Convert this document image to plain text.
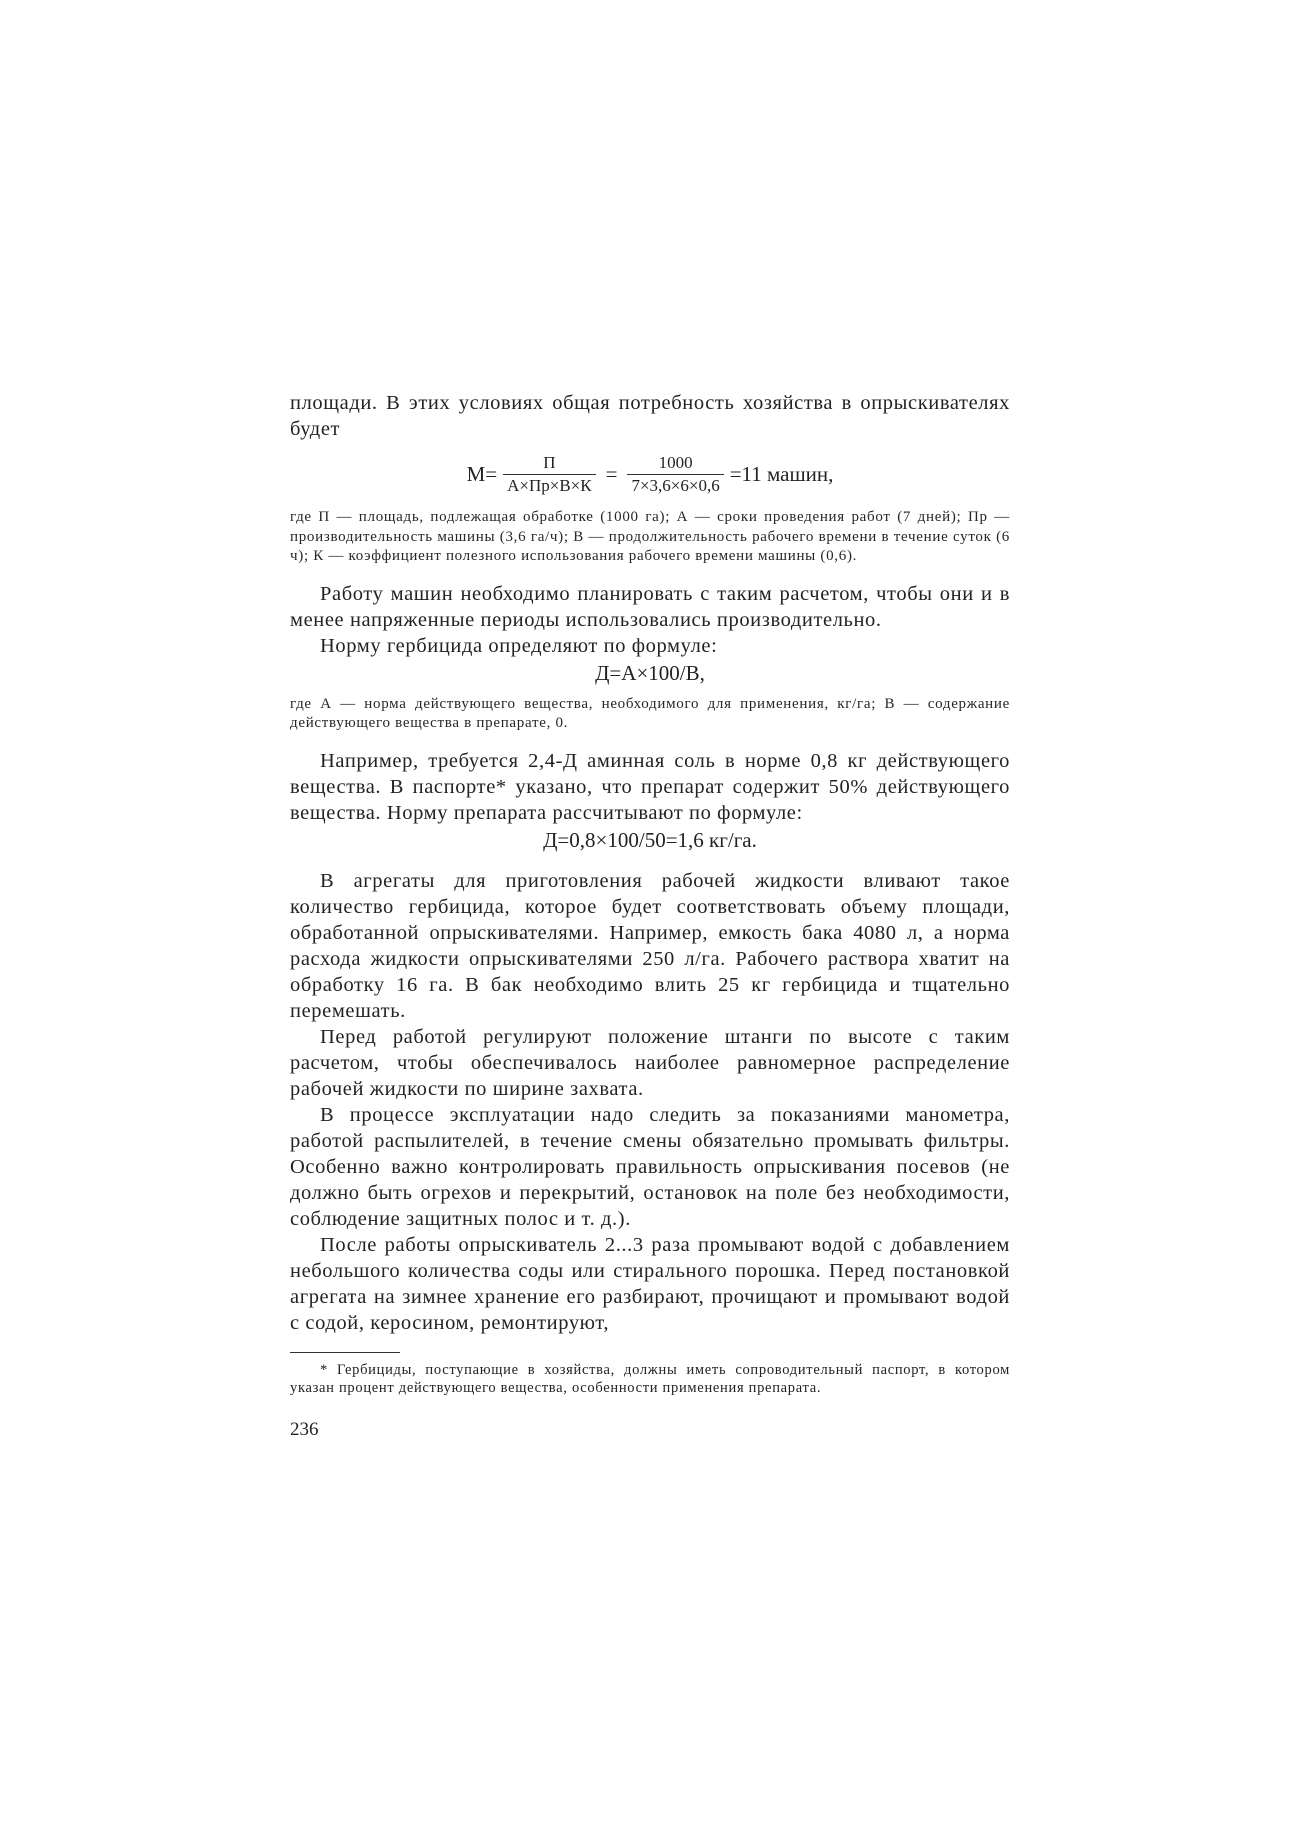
площади. В этих условиях общая потребность хозяйства в опрыскивателях будет

$М= \frac{П}{А\times Пр\times В\times К} = \frac{1000}{7\times 3,6\times 6\times 0,6} =11$ машин,

где П — площадь, подлежащая обработке (1000 га); А — сроки проведения работ (7 дней); Пр — производительность машины (3,6 га/ч); В — продолжительность рабочего времени в течение суток (6 ч); К — коэффициент полезного использования рабочего времени машины (0,6).

Работу машин необходимо планировать с таким расчетом, чтобы они и в менее напряженные периоды использовались производительно.

Норму гербицида определяют по формуле:

Д=А×100/В,

где А — норма действующего вещества, необходимого для применения, кг/га; В — содержание действующего вещества в препарате, 0.

Например, требуется 2,4-Д аминная соль в норме 0,8 кг действующего вещества. В паспорте* указано, что препарат содержит 50% действующего вещества. Норму препарата рассчитывают по формуле:

Д=0,8×100/50=1,6 кг/га.

В агрегаты для приготовления рабочей жидкости вливают такое количество гербицида, которое будет соответствовать объему площади, обработанной опрыскивателями. Например, емкость бака 4080 л, а норма расхода жидкости опрыскивателями 250 л/га. Рабочего раствора хватит на обработку 16 га. В бак необходимо влить 25 кг гербицида и тщательно перемешать.

Перед работой регулируют положение штанги по высоте с таким расчетом, чтобы обеспечивалось наиболее равномерное распределение рабочей жидкости по ширине захвата.

В процессе эксплуатации надо следить за показаниями манометра, работой распылителей, в течение смены обязательно промывать фильтры. Особенно важно контролировать правильность опрыскивания посевов (не должно быть огрехов и перекрытий, остановок на поле без необходимости, соблюдение защитных полос и т. д.).

После работы опрыскиватель 2...3 раза промывают водой с добавлением небольшого количества соды или стирального порошка. Перед постановкой агрегата на зимнее хранение его разбирают, прочищают и промывают водой с содой, керосином, ремонтируют,

* Гербициды, поступающие в хозяйства, должны иметь сопроводительный паспорт, в котором указан процент действующего вещества, особенности применения препарата.

236
